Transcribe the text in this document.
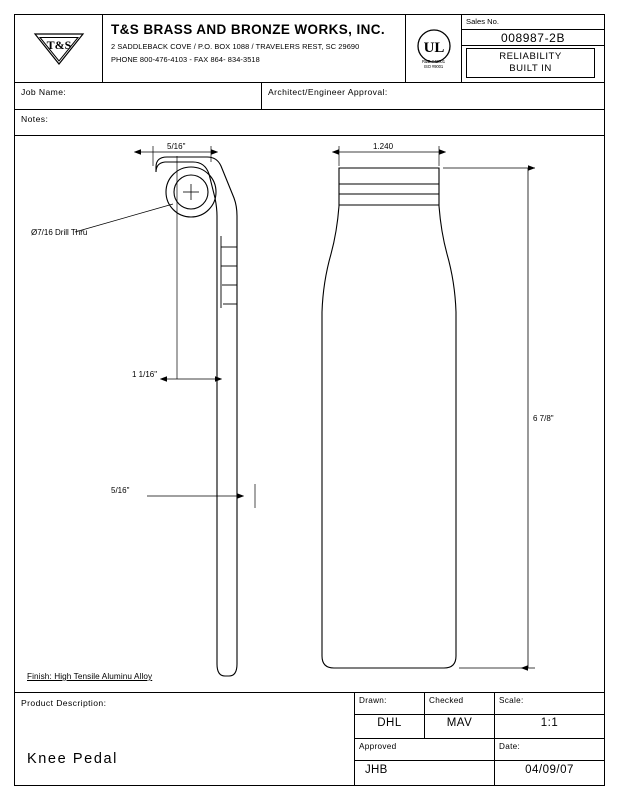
T&S
T&S BRASS AND BRONZE WORKS, INC.
2 SADDLEBACK COVE / P.O. BOX 1088 / TRAVELERS REST, SC 29690
PHONE 800-476-4103 - FAX 864- 834-3518
UL
R&D #42801
ISO #9001
Sales No.
008987-2B
RELIABILITY
BUILT IN
Job Name:	Architect/Engineer Approval:
Notes:
Ø7/16 Drill Thru
5/16"
1 1/16"
5/16"
1.240
6 7/8"
Finish: High Tensile Aluminu Alloy
Product Description:
Knee Pedal
Drawn:
DHL
Checked
MAV
Scale:
1:1
Approved
JHB
Date:
04/09/07
